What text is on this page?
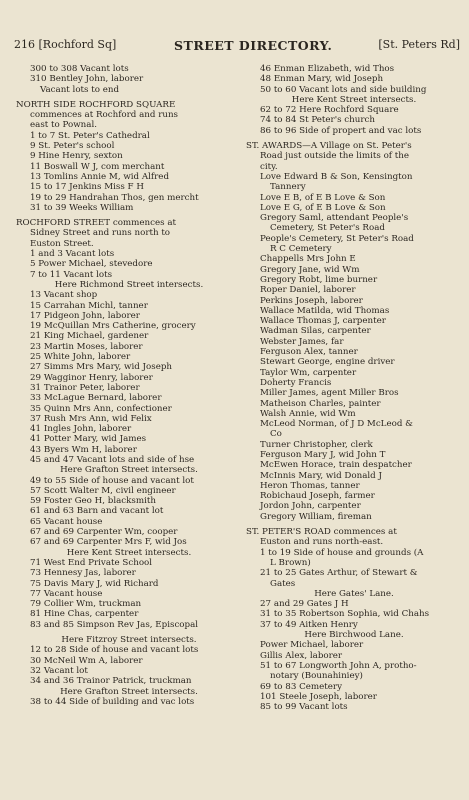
216 [Rochford Sq]	STREET DIRECTORY.	[St. Peters Rd]
300 to 308 Vacant lots
310 Bentley John, laborer
Vacant lots to end
NORTH SIDE ROCHFORD SQUARE
commences at Rochford and runs
east to Pownal.
1 to 7 St. Peter's Cathedral
9 St. Peter's school
9 Hine Henry, sexton
11 Boswall W J, com merchant
13 Tomlins Annie M, wid Alfred
15 to 17 Jenkins Miss F H
19 to 29 Handrahan Thos, gen mercht
31 to 39 Weeks William
ROCHFORD STREET commences at
Sidney Street and runs north to
Euston Street.
1 and 3 Vacant lots
5 Power Michael, stevedore
7 to 11 Vacant lots
Here Richmond Street intersects.
13 Vacant shop
15 Carrahan Michl, tanner
17 Pidgeon John, laborer
19 McQuillan Mrs Catherine, grocery
21 King Michael, gardener
23 Martin Moses, laborer
25 White John, laborer
27 Simms Mrs Mary, wid Joseph
29 Wagginor Henry, laborer
31 Trainor Peter, laborer
33 McLague Bernard, laborer
35 Quinn Mrs Ann, confectioner
37 Rush Mrs Ann, wid Felix
41 Ingles John, laborer
41 Potter Mary, wid James
43 Byers Wm H, laborer
45 and 47 Vacant lots and side of hse
Here Grafton Street intersects.
49 to 55 Side of house and vacant lot
57 Scott Walter M, civil engineer
59 Foster Geo H, blacksmith
61 and 63 Barn and vacant lot
65 Vacant house
67 and 69 Carpenter Wm, cooper
67 and 69 Carpenter Mrs F, wid Jos
Here Kent Street intersects.
71 West End Private School
73 Hennesy Jas, laborer
75 Davis Mary J, wid Richard
77 Vacant house
79 Collier Wm, truckman
81 Hine Chas, carpenter
83 and 85 Simpson Rev Jas, Episcopal
Here Fitzroy Street intersects.
12 to 28 Side of house and vacant lots
30 McNeil Wm A, laborer
32 Vacant lot
34 and 36 Trainor Patrick, truckman
Here Grafton Street intersects.
38 to 44 Side of building and vac lots
46 Enman Elizabeth, wid Thos
48 Enman Mary, wid Joseph
50 to 60 Vacant lots and side building
Here Kent Street intersects.
62 to 72 Here Rochford Square
74 to 84 St Peter's church
86 to 96 Side of propert and vac lots
ST. AWARDS—A Village on St. Peter's
Road just outside the limits of the
city.
Love Edward B & Son, Kensington
Tannery
Love E B, of E B Love & Son
Love E G, of E B Love & Son
Gregory Saml, attendant People's
Cemetery, St Peter's Road
People's Cemetery, St Peter's Road
R C Cemetery
Chappells Mrs John E
Gregory Jane, wid Wm
Gregory Robt, lime burner
Roper Daniel, laborer
Perkins Joseph, laborer
Wallace Matilda, wid Thomas
Wallace Thomas J, carpenter
Wadman Silas, carpenter
Webster James, far
Ferguson Alex, tanner
Stewart George, engine driver
Taylor Wm, carpenter
Doherty Francis
Miller James, agent Miller Bros
Matheison Charles, painter
Walsh Annie, wid Wm
McLeod Norman, of J D McLeod &
Co
Turner Christopher, clerk
Ferguson Mary J, wid John T
McEwen Horace, train despatcher
McInnis Mary, wid Donald J
Heron Thomas, tanner
Robichaud Joseph, farmer
Jordon John, carpenter
Gregory William, fireman
ST. PETER'S ROAD commences at
Euston and runs north-east.
1 to 19 Side of house and grounds (A
L Brown)
21 to 25 Gates Arthur, of Stewart &
Gates
Here Gates' Lane.
27 and 29 Gates J H
31 to 35 Robertson Sophia, wid Chahs
37 to 49 Aitken Henry
Here Birchwood Lane.
Power Michael, laborer
Gillis Alex, laborer
51 to 67 Longworth John A, protho-
notary (Bounahiniey)
69 to 83 Cemetery
101 Steele Joseph, laborer
85 to 99 Vacant lots
